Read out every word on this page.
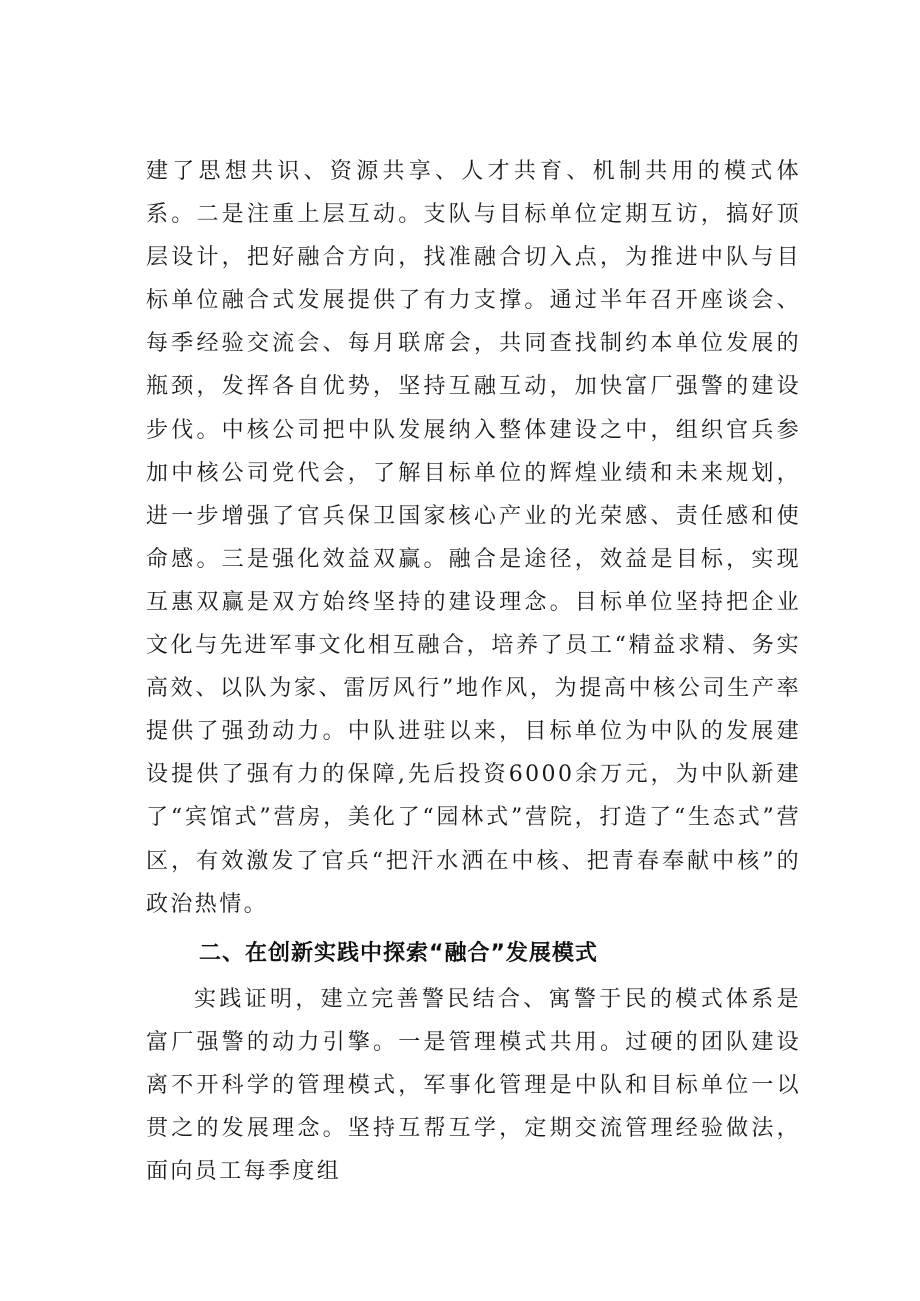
建了思想共识、资源共享、人才共育、机制共用的模式体系。二是注重上层互动。支队与目标单位定期互访，搞好顶层设计，把好融合方向，找准融合切入点，为推进中队与目标单位融合式发展提供了有力支撑。通过半年召开座谈会、每季经验交流会、每月联席会，共同查找制约本单位发展的瓶颈，发挥各自优势，坚持互融互动，加快富厂强警的建设步伐。中核公司把中队发展纳入整体建设之中，组织官兵参加中核公司党代会，了解目标单位的辉煌业绩和未来规划，进一步增强了官兵保卫国家核心产业的光荣感、责任感和使命感。三是强化效益双赢。融合是途径，效益是目标，实现互惠双赢是双方始终坚持的建设理念。目标单位坚持把企业文化与先进军事文化相互融合，培养了员工“精益求精、务实高效、以队为家、雷厉风行”地作风，为提高中核公司生产率提供了强劲动力。中队进驻以来，目标单位为中队的发展建设提供了强有力的保障,先后投资6000余万元，为中队新建了“宾馆式”营房，美化了“园林式”营院，打造了“生态式”营区，有效激发了官兵“把汗水洒在中核、把青春奉献中核”的政治热情。

二、在创新实践中探索“融合”发展模式

实践证明，建立完善警民结合、寓警于民的模式体系是富厂强警的动力引擎。一是管理模式共用。过硬的团队建设离不开科学的管理模式，军事化管理是中队和目标单位一以贯之的发展理念。坚持互帮互学，定期交流管理经验做法，面向员工每季度组
